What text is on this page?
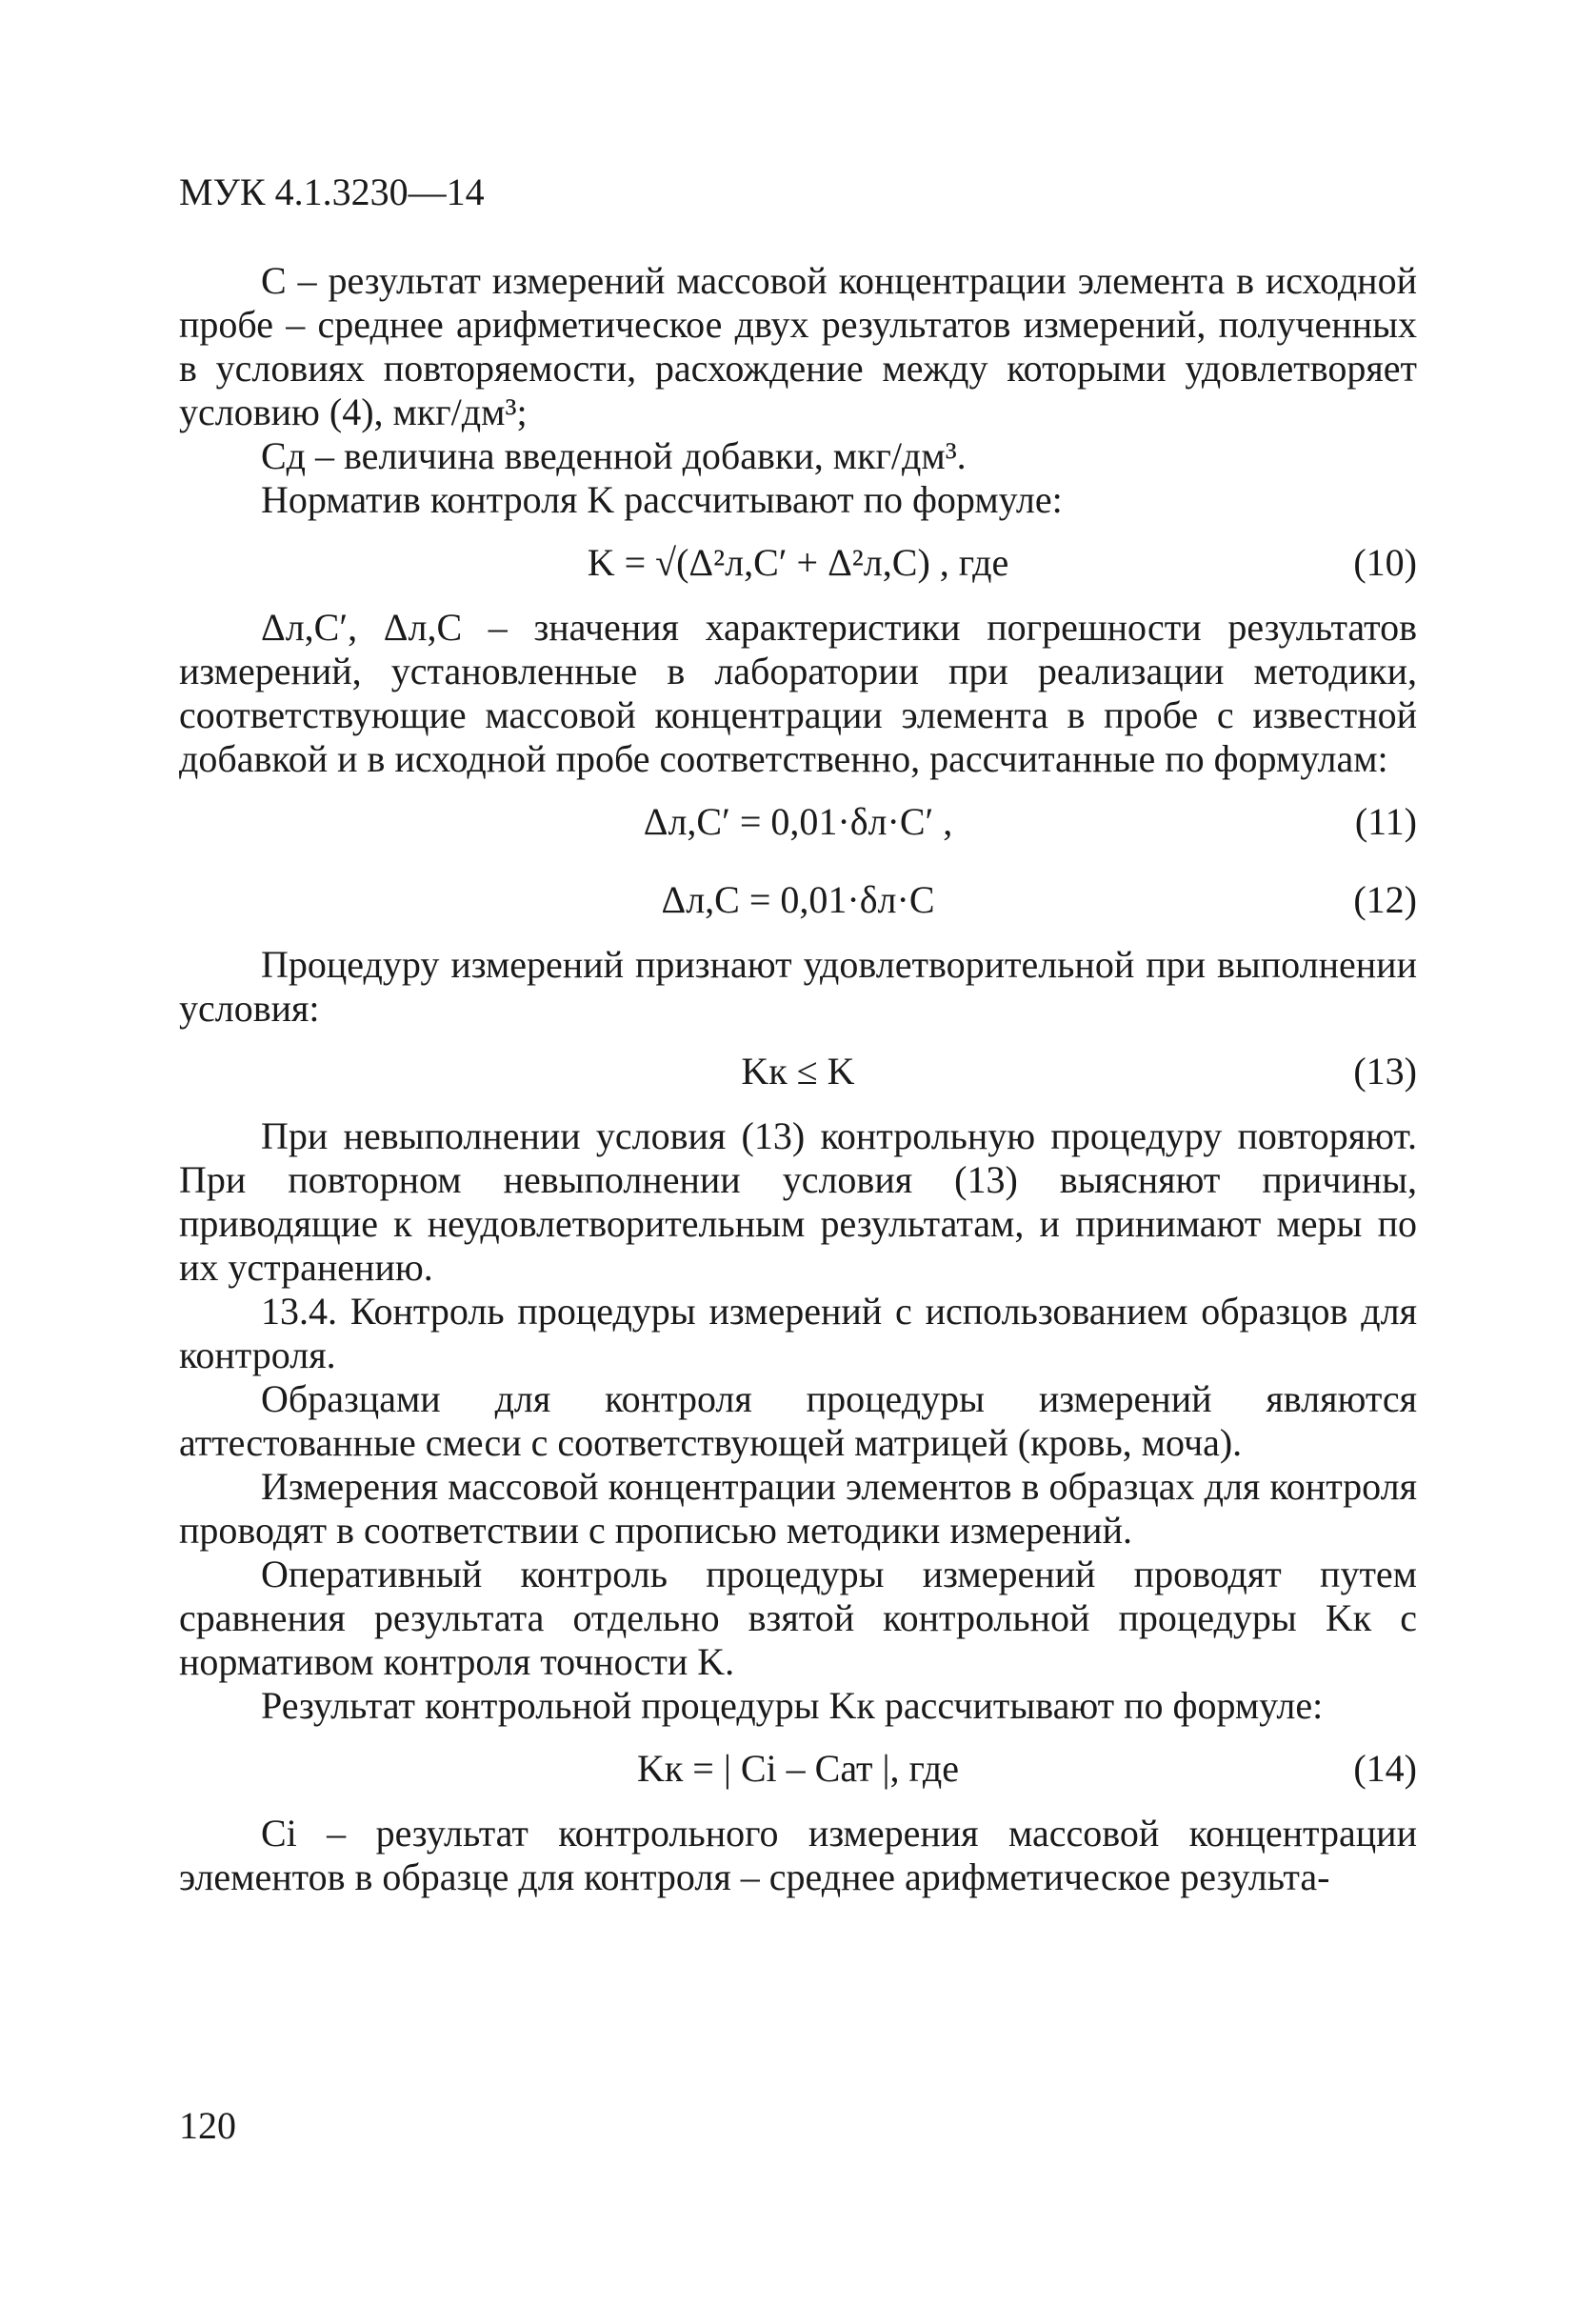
МУК 4.1.3230—14

C – результат измерений массовой концентрации элемента в исходной пробе – среднее арифметическое двух результатов измерений, полученных в условиях повторяемости, расхождение между которыми удовлетворяет условию (4), мкг/дм³;

Cд – величина введенной добавки, мкг/дм³.

Норматив контроля K рассчитывают по формуле:

K = √(Δ²л,C′ + Δ²л,C) , где	(10)

Δл,C′, Δл,C – значения характеристики погрешности результатов измерений, установленные в лаборатории при реализации методики, соответствующие массовой концентрации элемента в пробе с известной добавкой и в исходной пробе соответственно, рассчитанные по формулам:

Δл,C′ = 0,01·δл·C′ ,	(11)
Δл,C = 0,01·δл·C	(12)

Процедуру измерений признают удовлетворительной при выполнении условия:

Kк ≤ K	(13)

При невыполнении условия (13) контрольную процедуру повторяют. При повторном невыполнении условия (13) выясняют причины, приводящие к неудовлетворительным результатам, и принимают меры по их устранению.

13.4. Контроль процедуры измерений с использованием образцов для контроля.

Образцами для контроля процедуры измерений являются аттестованные смеси с соответствующей матрицей (кровь, моча).

Измерения массовой концентрации элементов в образцах для контроля проводят в соответствии с прописью методики измерений.

Оперативный контроль процедуры измерений проводят путем сравнения результата отдельно взятой контрольной процедуры Kк с нормативом контроля точности K.

Результат контрольной процедуры Kк рассчитывают по формуле:

Kк = | Ci – Cат |, где	(14)

Ci – результат контрольного измерения массовой концентрации элементов в образце для контроля – среднее арифметическое результа-

120
